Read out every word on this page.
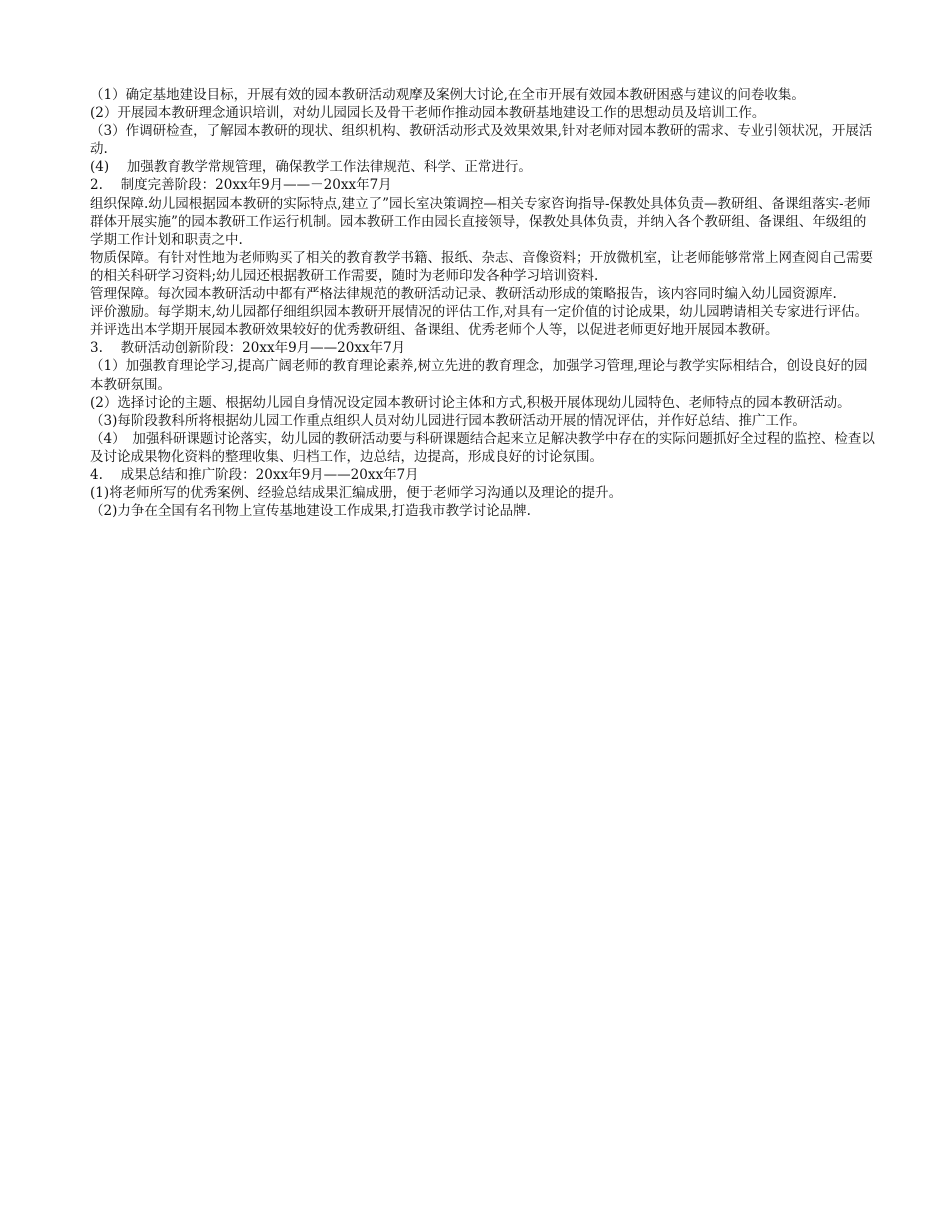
（1）确定基地建设目标，开展有效的园本教研活动观摩及案例大讨论,在全市开展有效园本教研困惑与建议的问卷收集。

(2）开展园本教研理念通识培训，对幼儿园园长及骨干老师作推动园本教研基地建设工作的思想动员及培训工作。

（3）作调研检查，了解园本教研的现状、组织机构、教研活动形式及效果效果,针对老师对园本教研的需求、专业引领状况，开展活动.

(4)　 加强教育教学常规管理，确保教学工作法律规范、科学、正常进行。

2.　 制度完善阶段：20xx年9月——－20xx年7月

组织保障.幼儿园根据园本教研的实际特点,建立了”园长室决策调控—相关专家咨询指导-保教处具体负责—教研组、备课组落实-老师群体开展实施”的园本教研工作运行机制。园本教研工作由园长直接领导，保教处具体负责，并纳入各个教研组、备课组、年级组的学期工作计划和职责之中.

物质保障。有针对性地为老师购买了相关的教育教学书籍、报纸、杂志、音像资料；开放微机室，让老师能够常常上网查阅自己需要的相关科研学习资料;幼儿园还根据教研工作需要，随时为老师印发各种学习培训资料.

管理保障。每次园本教研活动中都有严格法律规范的教研活动记录、教研活动形成的策略报告，该内容同时编入幼儿园资源库.

评价激励。每学期末,幼儿园都仔细组织园本教研开展情况的评估工作,对具有一定价值的讨论成果，幼儿园聘请相关专家进行评估。并评选出本学期开展园本教研效果较好的优秀教研组、备课组、优秀老师个人等，以促进老师更好地开展园本教研。

3.　 教研活动创新阶段：20xx年9月——20xx年7月

（1）加强教育理论学习,提高广阔老师的教育理论素养,树立先进的教育理念，加强学习管理,理论与教学实际相结合，创设良好的园本教研氛围。

(2）选择讨论的主题、根据幼儿园自身情况设定园本教研讨论主体和方式,积极开展体现幼儿园特色、老师特点的园本教研活动。

（3)每阶段教科所将根据幼儿园工作重点组织人员对幼儿园进行园本教研活动开展的情况评估，并作好总结、推广工作。

（4）　加强科研课题讨论落实，幼儿园的教研活动要与科研课题结合起来立足解决教学中存在的实际问题抓好全过程的监控、检查以及讨论成果物化资料的整理收集、归档工作，边总结，边提高，形成良好的讨论氛围。

4.　 成果总结和推广阶段：20xx年9月——20xx年7月

(1)将老师所写的优秀案例、经验总结成果汇编成册，便于老师学习沟通以及理论的提升。

（2)力争在全国有名刊物上宣传基地建设工作成果,打造我市教学讨论品牌.
